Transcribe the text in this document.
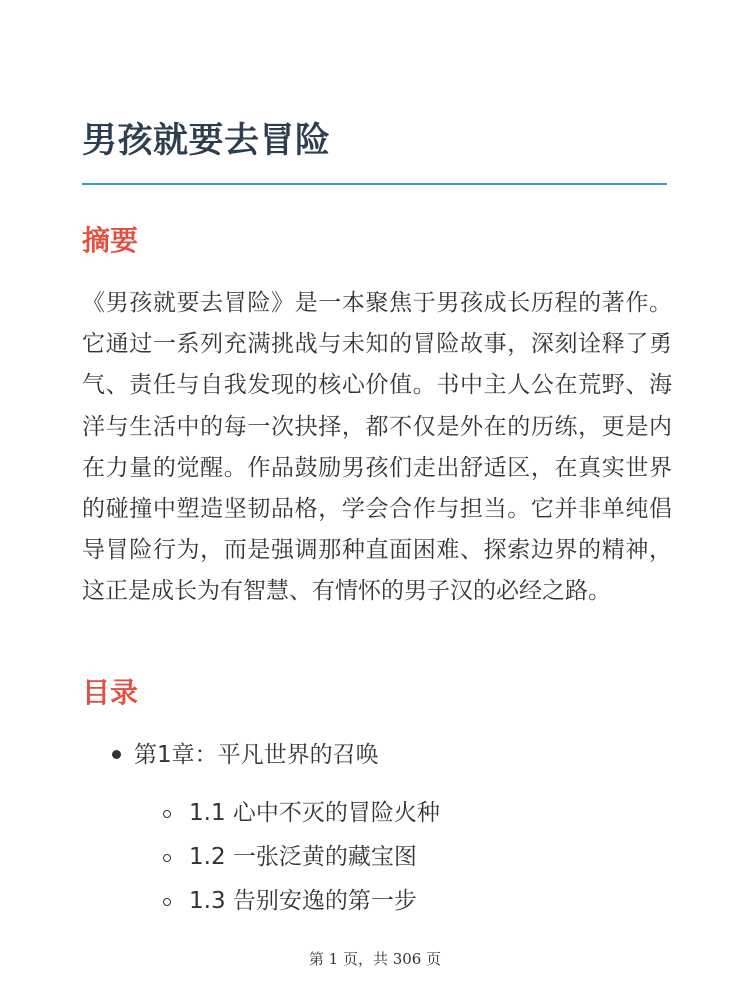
男孩就要去冒险
摘要

《男孩就要去冒险》是一本聚焦于男孩成长历程的著作。它通过一系列充满挑战与未知的冒险故事，深刻诠释了勇气、责任与自我发现的核心价值。书中主人公在荒野、海洋与生活中的每一次抉择，都不仅是外在的历练，更是内在力量的觉醒。作品鼓励男孩们走出舒适区，在真实世界的碰撞中塑造坚韧品格，学会合作与担当。它并非单纯倡导冒险行为，而是强调那种直面困难、探索边界的精神，这正是成长为有智慧、有情怀的男子汉的必经之路。

目录
第1章：平凡世界的召唤
1.1 心中不灭的冒险火种
1.2 一张泛黄的藏宝图
1.3 告别安逸的第一步
第 1 页，共 306 页
